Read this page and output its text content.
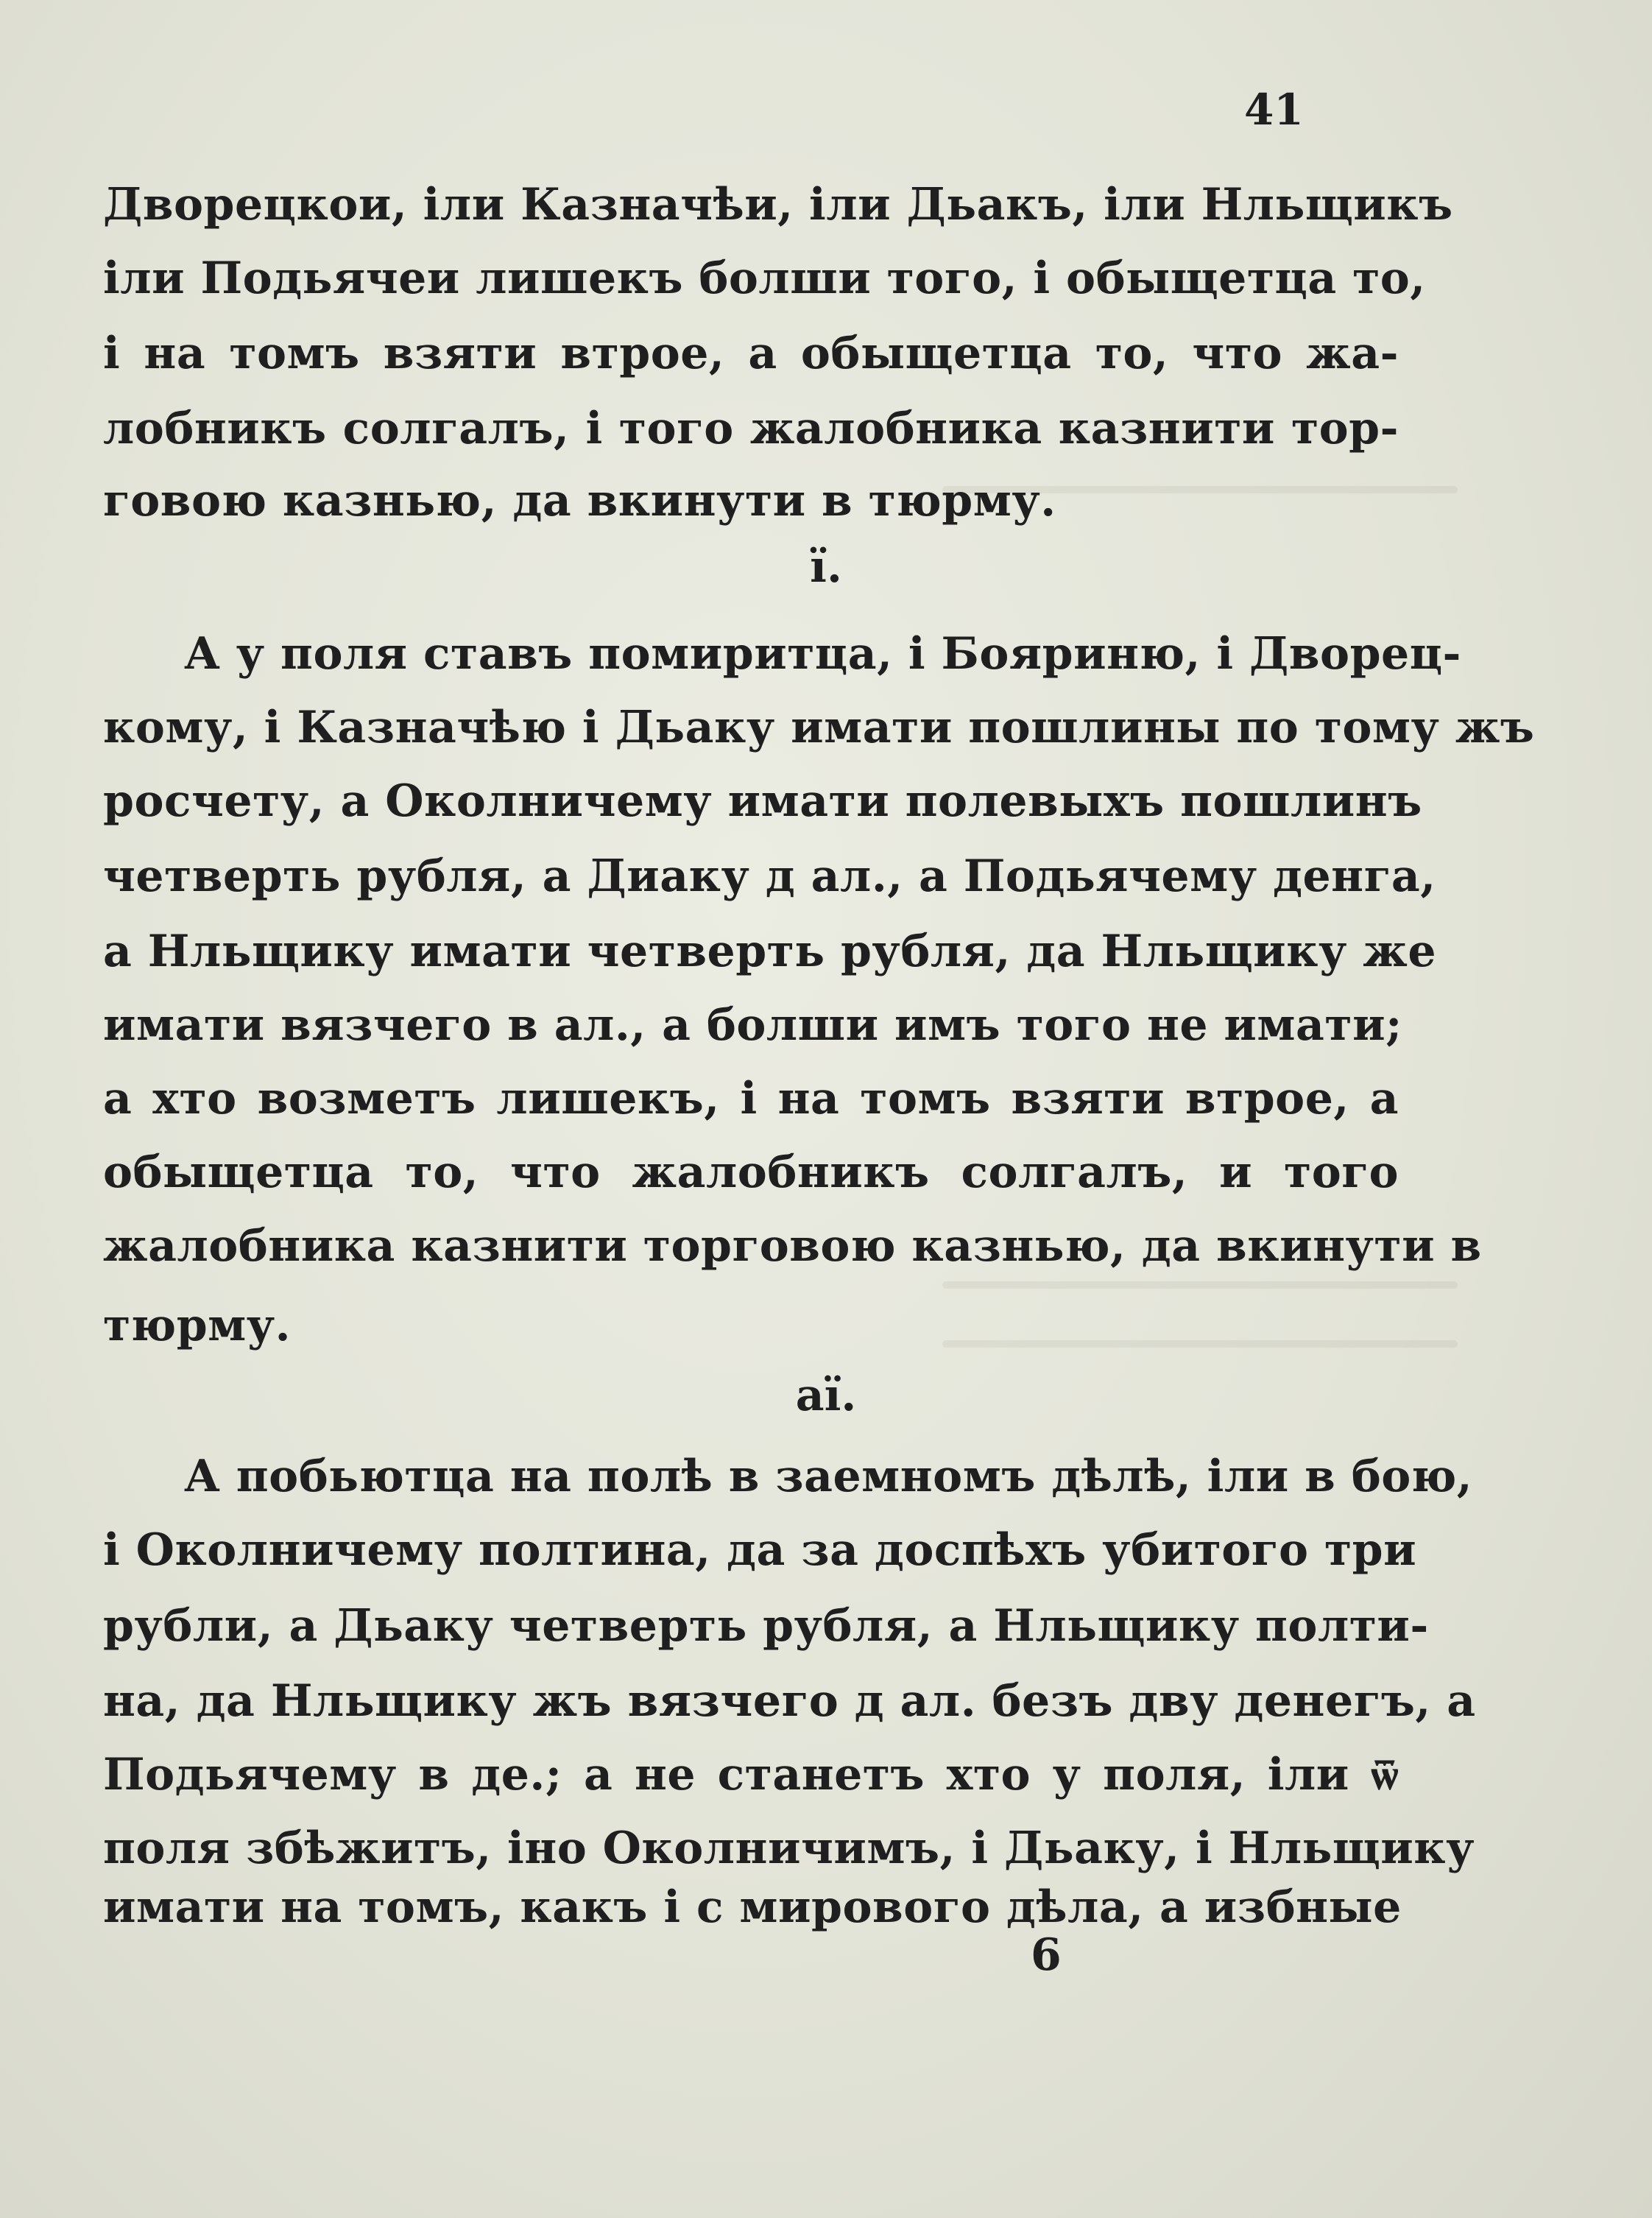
41

Дворецкои, іли Казначѣи, іли Дьакъ, іли Нльщикъ

іли Подьячеи лишекъ болши того, і обыщетца то,

і на томъ взяти втрое, а обыщетца то, что жа-

лобникъ солгалъ, і того жалобника казнити тор-

говою казнью, да вкинути в тюрму.

ї.

А у поля ставъ помиритца, і Бояриню, і Дворец-

кому, і Казначѣю і Дьаку имати пошлины по тому жъ

росчету, а Околничему имати полевыхъ пошлинъ

четверть рубля, а Диаку д ал., а Подьячему денга,

а Нльщику имати четверть рубля, да Нльщику же

имати вязчего в ал., а болши имъ того не имати;

а хто возметъ лишекъ, і на томъ взяти втрое, а

обыщетца то, что жалобникъ солгалъ, и того

жалобника казнити торговою казнью, да вкинути в

тюрму.

аї.

А побьютца на полѣ в заемномъ дѣлѣ, іли в бою,

і Околничему полтина, да за доспѣхъ убитого три

рубли, а Дьаку четверть рубля, а Нльщику полти-

на, да Нльщику жъ вязчего д ал. безъ дву денегъ, а

Подьячему в де.; а не станетъ хто у поля, іли ѿ

поля збѣжитъ, іно Околничимъ, і Дьаку, і Нльщику

имати на томъ, какъ і с мирового дѣла, а избные

6
